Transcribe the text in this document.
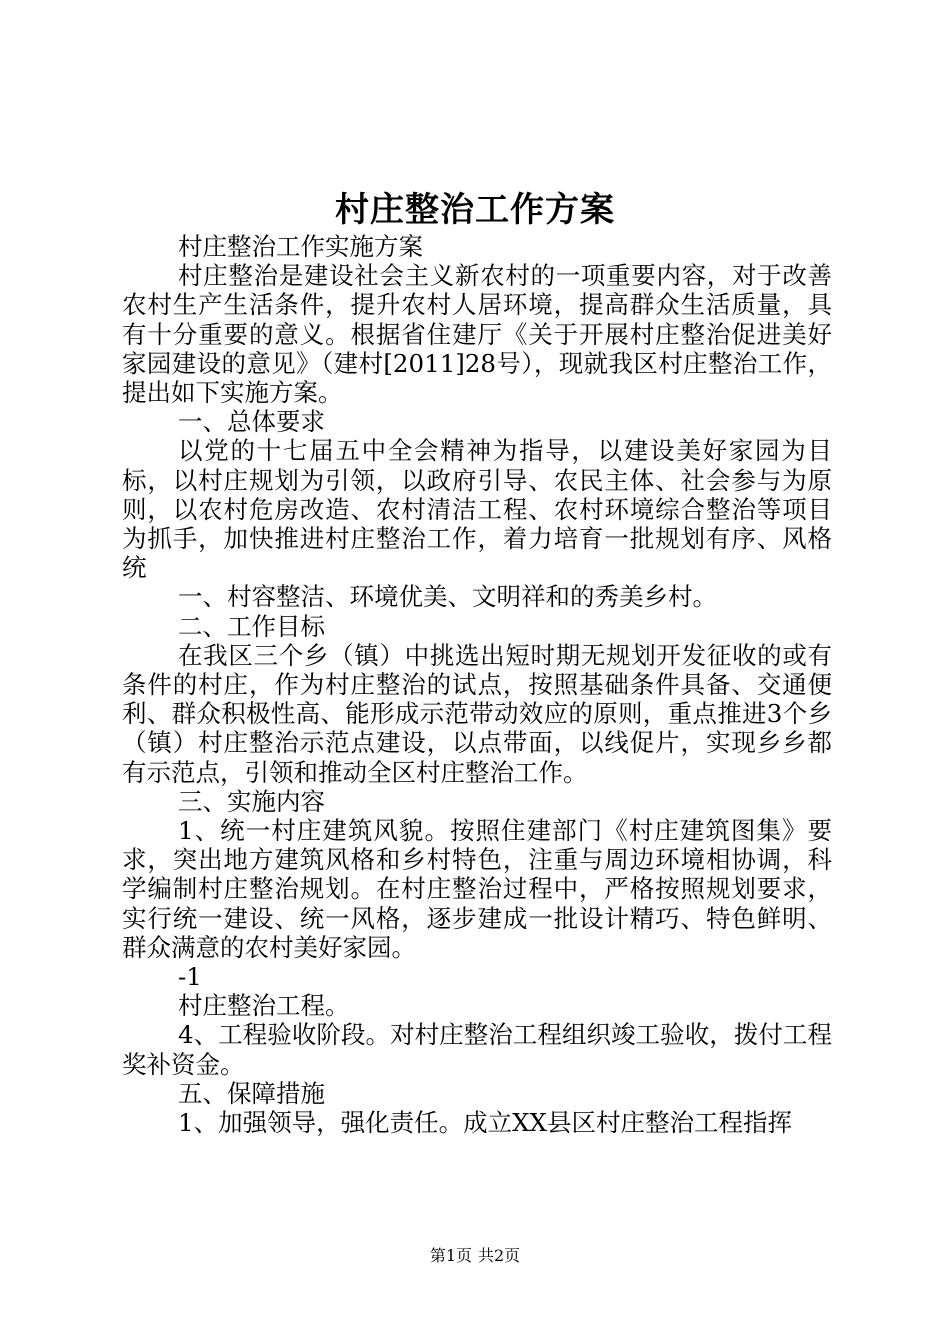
村庄整治工作方案

村庄整治工作实施方案

村庄整治是建设社会主义新农村的一项重要内容，对于改善农村生产生活条件，提升农村人居环境，提高群众生活质量，具有十分重要的意义。根据省住建厅《关于开展村庄整治促进美好家园建设的意见》（建村[2011]28号），现就我区村庄整治工作，提出如下实施方案。

一、总体要求

以党的十七届五中全会精神为指导，以建设美好家园为目标，以村庄规划为引领，以政府引导、农民主体、社会参与为原则，以农村危房改造、农村清洁工程、农村环境综合整治等项目为抓手，加快推进村庄整治工作，着力培育一批规划有序、风格统

一、村容整洁、环境优美、文明祥和的秀美乡村。

二、工作目标

在我区三个乡（镇）中挑选出短时期无规划开发征收的或有条件的村庄，作为村庄整治的试点，按照基础条件具备、交通便利、群众积极性高、能形成示范带动效应的原则，重点推进3个乡（镇）村庄整治示范点建设，以点带面，以线促片，实现乡乡都有示范点，引领和推动全区村庄整治工作。

三、实施内容

1、统一村庄建筑风貌。按照住建部门《村庄建筑图集》要求，突出地方建筑风格和乡村特色，注重与周边环境相协调，科学编制村庄整治规划。在村庄整治过程中，严格按照规划要求，实行统一建设、统一风格，逐步建成一批设计精巧、特色鲜明、群众满意的农村美好家园。

-1

村庄整治工程。

4、工程验收阶段。对村庄整治工程组织竣工验收，拨付工程奖补资金。

五、保障措施

1、加强领导，强化责任。成立XX县区村庄整治工程指挥

第1页 共2页
